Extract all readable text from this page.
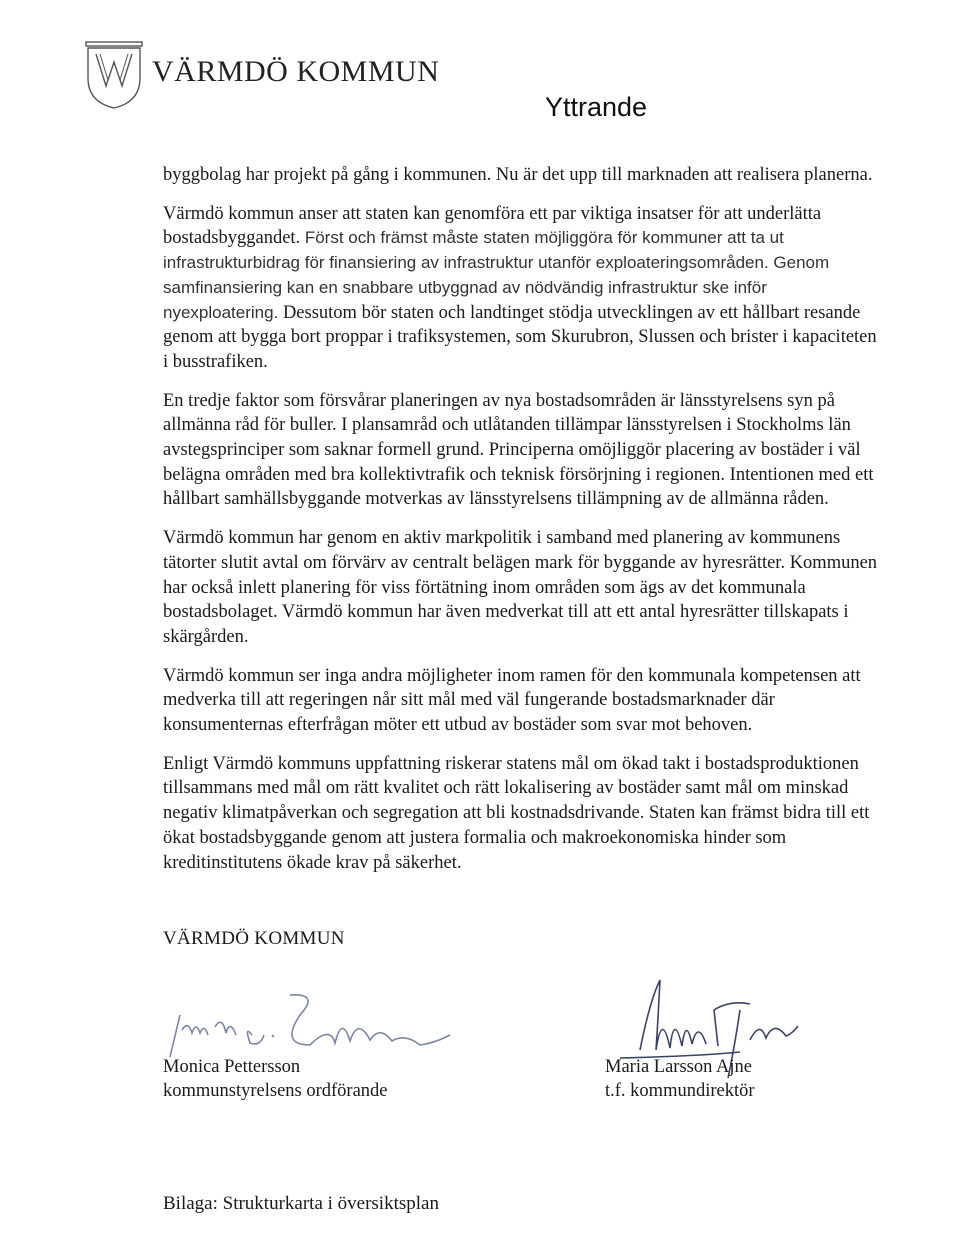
VÄRMDÖ KOMMUN
Yttrande

byggbolag har projekt på gång i kommunen. Nu är det upp till marknaden att realisera planerna.

Värmdö kommun anser att staten kan genomföra ett par viktiga insatser för att underlätta bostadsbyggandet. Först och främst måste staten möjliggöra för kommuner att ta ut infrastrukturbidrag för finansiering av infrastruktur utanför exploateringsområden. Genom samfinansiering kan en snabbare utbyggnad av nödvändig infrastruktur ske inför nyexploatering. Dessutom bör staten och landtinget stödja utvecklingen av ett hållbart resande genom att bygga bort proppar i trafiksystemen, som Skurubron, Slussen och brister i kapaciteten i busstrafiken.

En tredje faktor som försvårar planeringen av nya bostadsområden är länsstyrelsens syn på allmänna råd för buller. I plansamråd och utlåtanden tillämpar länsstyrelsen i Stockholms län avstegsprinciper som saknar formell grund. Principerna omöjliggör placering av bostäder i väl belägna områden med bra kollektivtrafik och teknisk försörjning i regionen. Intentionen med ett hållbart samhällsbyggande motverkas av länsstyrelsens tillämpning av de allmänna råden.

Värmdö kommun har genom en aktiv markpolitik i samband med planering av kommunens tätorter slutit avtal om förvärv av centralt belägen mark för byggande av hyresrätter. Kommunen har också inlett planering för viss förtätning inom områden som ägs av det kommunala bostadsbolaget. Värmdö kommun har även medverkat till att ett antal hyresrätter tillskapats i skärgården.

Värmdö kommun ser inga andra möjligheter inom ramen för den kommunala kompetensen att medverka till att regeringen når sitt mål med väl fungerande bostadsmarknader där konsumenternas efterfrågan möter ett utbud av bostäder som svar mot behoven.

Enligt Värmdö kommuns uppfattning riskerar statens mål om ökad takt i bostadsproduktionen tillsammans med mål om rätt kvalitet och rätt lokalisering av bostäder samt mål om minskad negativ klimatpåverkan och segregation att bli kostnadsdrivande. Staten kan främst bidra till ett ökat bostadsbyggande genom att justera formalia och makroekonomiska hinder som kreditinstitutens ökade krav på säkerhet.

VÄRMDÖ KOMMUN
Monica Pettersson
kommunstyrelsens ordförande
Maria Larsson Ajne
t.f. kommundirektör
Bilaga: Strukturkarta i översiktsplan
